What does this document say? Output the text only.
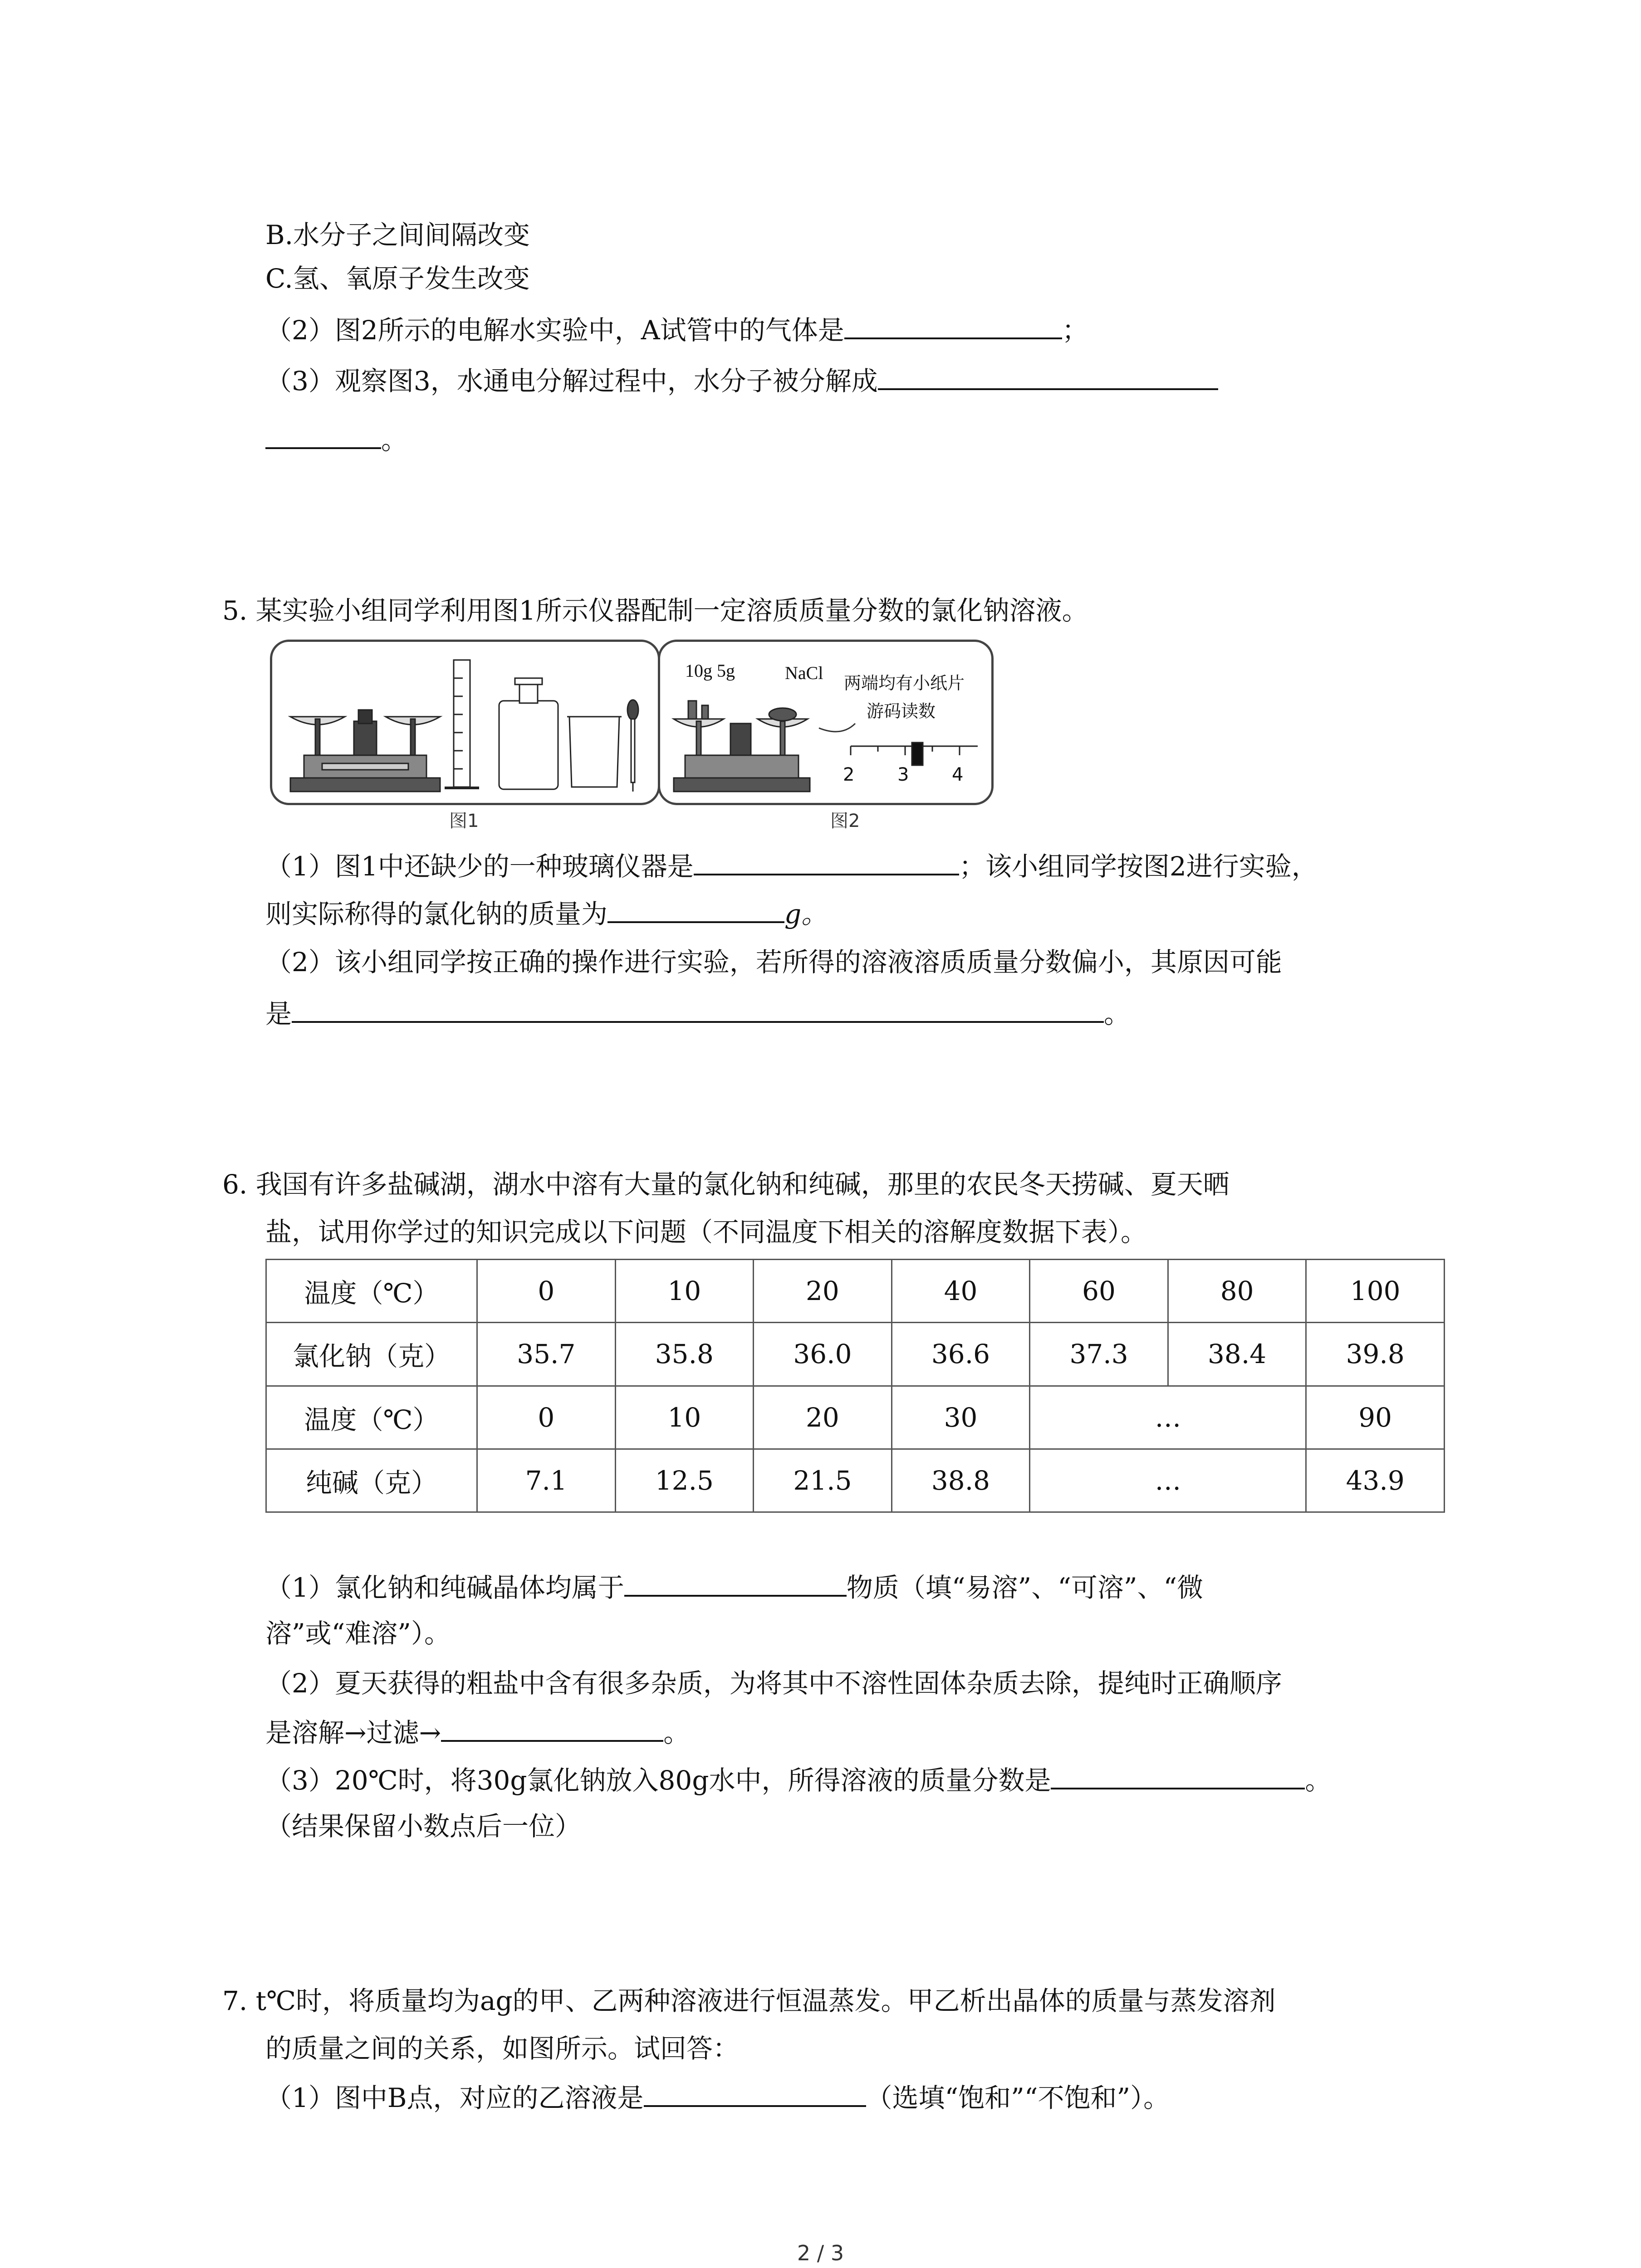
B.水分子之间间隔改变
C.氢、氧原子发生改变
（2）图2所示的电解水实验中，A试管中的气体是	；
（3）观察图3，水通电分解过程中，水分子被分解成
。
5. 某实验小组同学利用图1所示仪器配制一定溶质质量分数的氯化钠溶液。
图1
10g 5g	NaCl 两端均有小纸片
游码读数
2 3 4
图2
（1）图1中还缺少的一种玻璃仪器是	；该小组同学按图2进行实验，
则实际称得的氯化钠的质量为	g。
（2）该小组同学按正确的操作进行实验，若所得的溶液溶质质量分数偏小，其原因可能
是	。
6. 我国有许多盐碱湖，湖水中溶有大量的氯化钠和纯碱，那里的农民冬天捞碱、夏天晒
盐，试用你学过的知识完成以下问题（不同温度下相关的溶解度数据下表）。
温度（℃）	0	10	20	40	60	80	100
氯化钠（克）	35.7	35.8	36.0	36.6	37.3	38.4	39.8
温度（℃）	0	10	20	30	…		90
纯碱（克）	7.1	12.5	21.5	38.8	…		43.9
（1）氯化钠和纯碱晶体均属于	物质（填“易溶”、“可溶”、“微
溶”或“难溶”）。
（2）夏天获得的粗盐中含有很多杂质，为将其中不溶性固体杂质去除，提纯时正确顺序
是溶解→过滤→	。
（3）20℃时，将30g氯化钠放入80g水中，所得溶液的质量分数是	。
（结果保留小数点后一位）
7. t℃时，将质量均为ag的甲、乙两种溶液进行恒温蒸发。甲乙析出晶体的质量与蒸发溶剂
的质量之间的关系，如图所示。试回答：
（1）图中B点，对应的乙溶液是	（选填“饱和”“不饱和”）。
2 / 3
